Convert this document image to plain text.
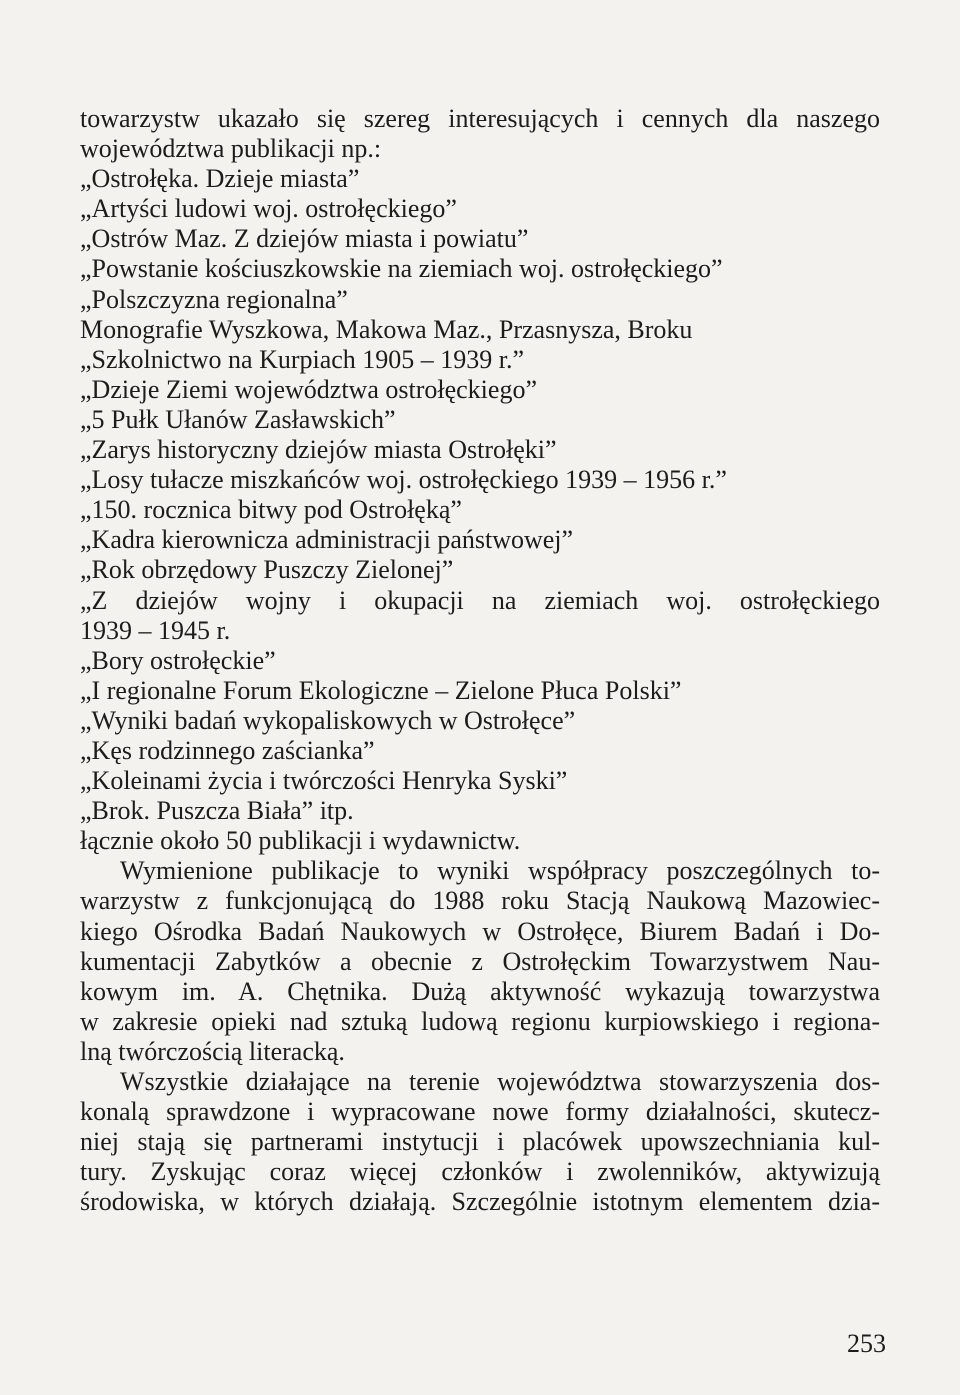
towarzystw ukazało się szereg interesujących i cennych dla naszego
województwa publikacji np.:
„Ostrołęka. Dzieje miasta”
„Artyści ludowi woj. ostrołęckiego”
„Ostrów Maz. Z dziejów miasta i powiatu”
„Powstanie kościuszkowskie na ziemiach woj. ostrołęckiego”
„Polszczyzna regionalna”
Monografie Wyszkowa, Makowa Maz., Przasnysza, Broku
„Szkolnictwo na Kurpiach 1905 – 1939 r.”
„Dzieje Ziemi województwa ostrołęckiego”
„5 Pułk Ułanów Zasławskich”
„Zarys historyczny dziejów miasta Ostrołęki”
„Losy tułacze miszkańców woj. ostrołęckiego 1939 – 1956 r.”
„150. rocznica bitwy pod Ostrołęką”
„Kadra kierownicza administracji państwowej”
„Rok obrzędowy Puszczy Zielonej”
„Z dziejów wojny i okupacji na ziemiach woj. ostrołęckiego
1939 – 1945 r.
„Bory ostrołęckie”
„I regionalne Forum Ekologiczne – Zielone Płuca Polski”
„Wyniki badań wykopaliskowych w Ostrołęce”
„Kęs rodzinnego zaścianka”
„Koleinami życia i twórczości Henryka Syski”
„Brok. Puszcza Biała” itp.
łącznie około 50 publikacji i wydawnictw.
Wymienione publikacje to wyniki współpracy poszczególnych to-
warzystw z funkcjonującą do 1988 roku Stacją Naukową Mazowiec-
kiego Ośrodka Badań Naukowych w Ostrołęce, Biurem Badań i Do-
kumentacji Zabytków a obecnie z Ostrołęckim Towarzystwem Nau-
kowym im. A. Chętnika. Dużą aktywność wykazują towarzystwa
w zakresie opieki nad sztuką ludową regionu kurpiowskiego i regiona-
lną twórczością literacką.
Wszystkie działające na terenie województwa stowarzyszenia dos-
konalą sprawdzone i wypracowane nowe formy działalności, skutecz-
niej stają się partnerami instytucji i placówek upowszechniania kul-
tury. Zyskując coraz więcej członków i zwolenników, aktywizują
środowiska, w których działają. Szczególnie istotnym elementem dzia-
253
